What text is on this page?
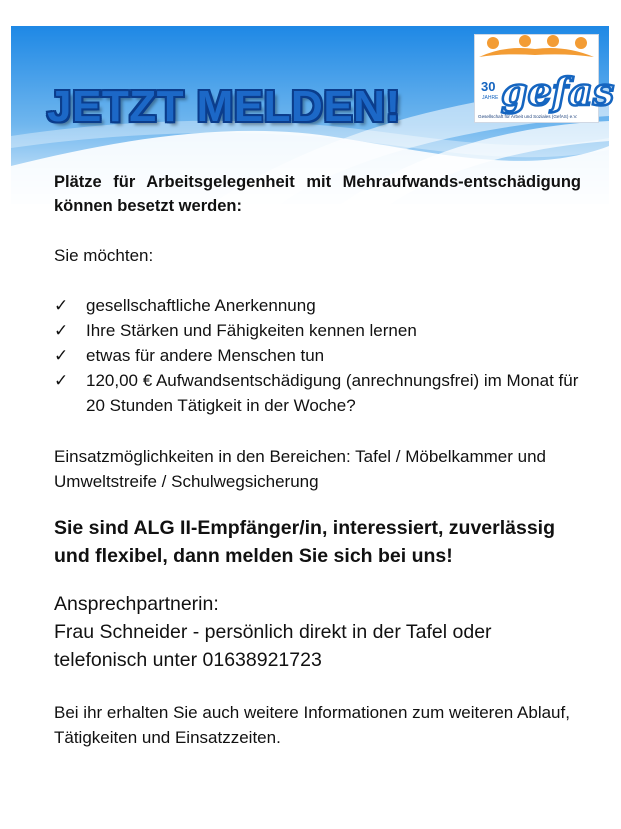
JETZT MELDEN!	30
JAHRE gefas
Gesellschaft für Arbeit und Soziales (GefAS) e.V.

Plätze für Arbeitsgelegenheit mit Mehraufwands-entschädigung können besetzt werden:

Sie möchten:

✓ gesellschaftliche Anerkennung
✓ Ihre Stärken und Fähigkeiten kennen lernen
✓ etwas für andere Menschen tun
✓ 120,00 € Aufwandsentschädigung (anrechnungsfrei) im Monat für 20 Stunden Tätigkeit in der Woche?

Einsatzmöglichkeiten in den Bereichen: Tafel / Möbelkammer und Umweltstreife / Schulwegsicherung

Sie sind ALG II-Empfänger/in, interessiert, zuverlässig und flexibel, dann melden Sie sich bei uns!

Ansprechpartnerin:

Frau Schneider - persönlich direkt in der Tafel oder telefonisch unter 01638921723

Bei ihr erhalten Sie auch weitere Informationen zum weiteren Ablauf, Tätigkeiten und Einsatzzeiten.
